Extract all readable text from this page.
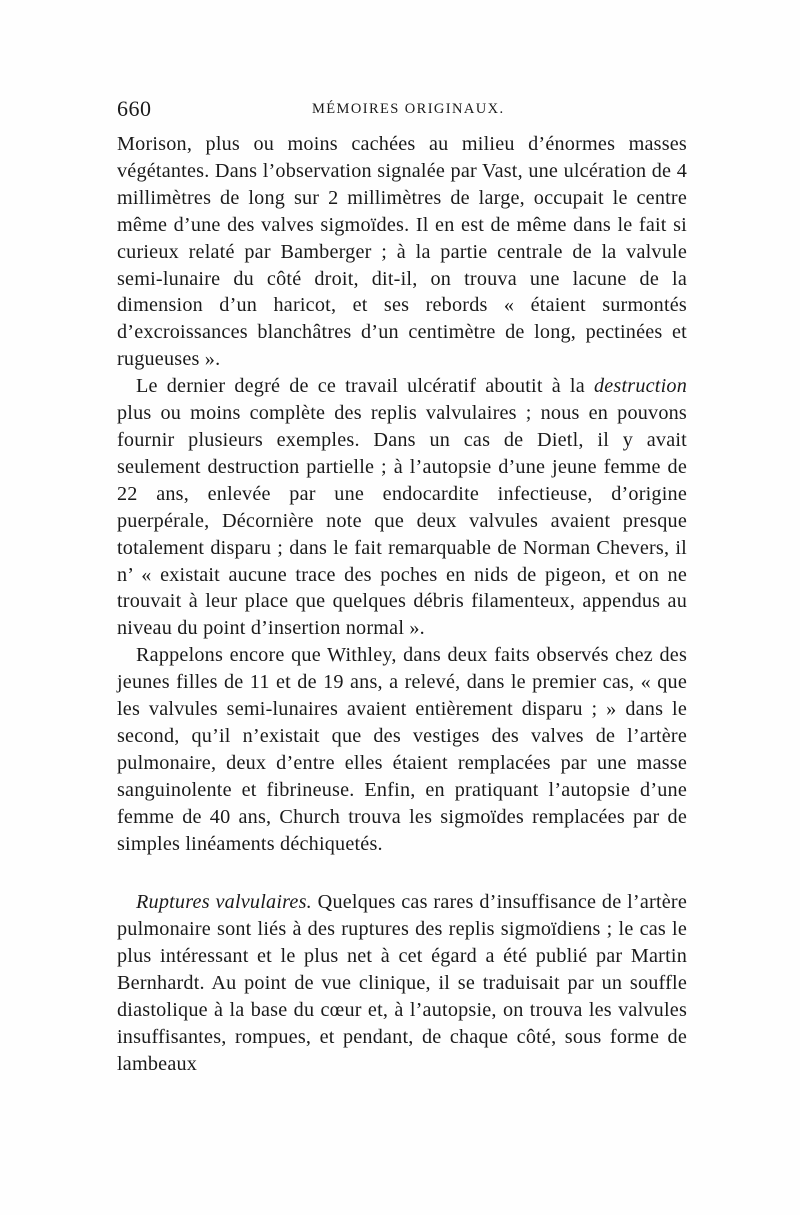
660	MÉMOIRES ORIGINAUX.

Morison, plus ou moins cachées au milieu d’énormes masses végétantes. Dans l’observation signalée par Vast, une ulcération de 4 millimètres de long sur 2 millimètres de large, occupait le centre même d’une des valves sigmoïdes. Il en est de même dans le fait si curieux relaté par Bamberger ; à la partie centrale de la valvule semi-lunaire du côté droit, dit-il, on trouva une lacune de la dimension d’un haricot, et ses rebords « étaient surmontés d’excroissances blanchâtres d’un centimètre de long, pectinées et rugueuses ».

Le dernier degré de ce travail ulcératif aboutit à la destruction plus ou moins complète des replis valvulaires ; nous en pouvons fournir plusieurs exemples. Dans un cas de Dietl, il y avait seulement destruction partielle ; à l’autopsie d’une jeune femme de 22 ans, enlevée par une endocardite infectieuse, d’origine puerpérale, Décornière note que deux valvules avaient presque totalement disparu ; dans le fait remarquable de Norman Chevers, il n’ « existait aucune trace des poches en nids de pigeon, et on ne trouvait à leur place que quelques débris filamenteux, appendus au niveau du point d’insertion normal ».

Rappelons encore que Withley, dans deux faits observés chez des jeunes filles de 11 et de 19 ans, a relevé, dans le premier cas, « que les valvules semi-lunaires avaient entièrement disparu ; » dans le second, qu’il n’existait que des vestiges des valves de l’artère pulmonaire, deux d’entre elles étaient remplacées par une masse sanguinolente et fibrineuse. Enfin, en pratiquant l’autopsie d’une femme de 40 ans, Church trouva les sigmoïdes remplacées par de simples linéaments déchiquetés.

Ruptures valvulaires. Quelques cas rares d’insuffisance de l’artère pulmonaire sont liés à des ruptures des replis sigmoïdiens ; le cas le plus intéressant et le plus net à cet égard a été publié par Martin Bernhardt. Au point de vue clinique, il se traduisait par un souffle diastolique à la base du cœur et, à l’autopsie, on trouva les valvules insuffisantes, rompues, et pendant, de chaque côté, sous forme de lambeaux
